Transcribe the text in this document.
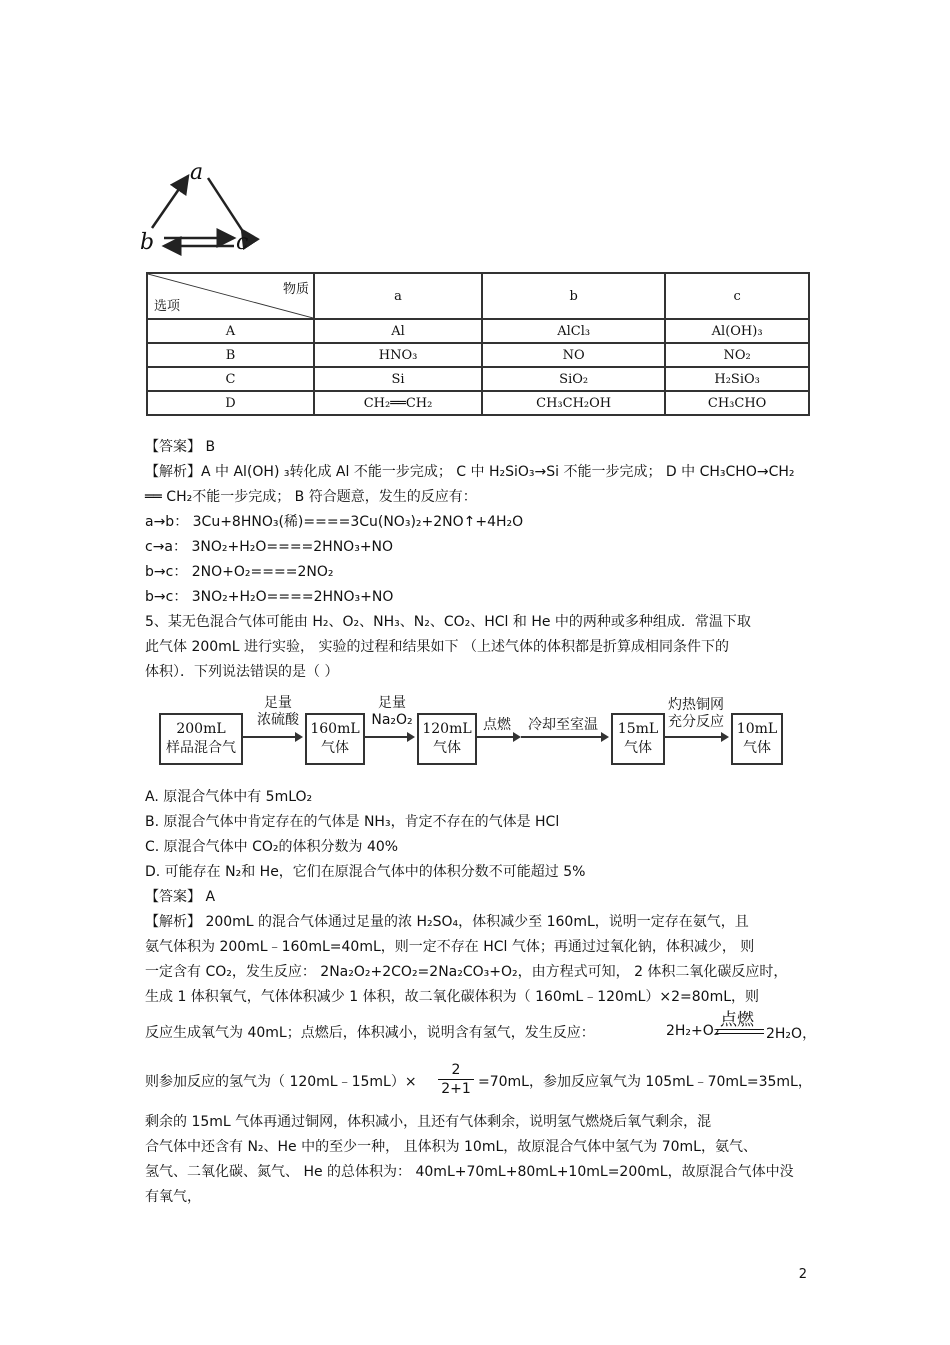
a
b	c
物质
选项	a	b	c
A	Al	AlCl₃	Al(OH)₃
B	HNO₃	NO	NO₂
C	Si	SiO₂	H₂SiO₃
D	CH₂══CH₂	CH₃CH₂OH	CH₃CHO
【答案】 B
【解析】A 中 Al(OH) ₃转化成 Al 不能一步完成； C 中 H₂SiO₃→Si 不能一步完成； D 中 CH₃CHO→CH₂
══ CH₂不能一步完成； B 符合题意，发生的反应有：
a→b： 3Cu+8HNO₃(稀)====3Cu(NO₃)₂+2NO↑+4H₂O
c→a： 3NO₂+H₂O====2HNO₃+NO
b→c： 2NO+O₂====2NO₂
b→c： 3NO₂+H₂O====2HNO₃+NO
5、某无色混合气体可能由 H₂、O₂、NH₃、N₂、CO₂、HCl 和 He 中的两种或多种组成．常温下取
此气体 200mL 进行实验， 实验的过程和结果如下 （上述气体的体积都是折算成相同条件下的
体积）．下列说法错误的是（ ）
200mL
样品混合气
足量
浓硫酸
160mL
气体
足量
Na₂O₂
120mL
气体
点燃	冷却至室温	15mL
气体
灼热铜网
充分反应 10mL
气体
A. 原混合气体中有 5mLO₂
B. 原混合气体中肯定存在的气体是 NH₃，肯定不存在的气体是 HCl
C. 原混合气体中 CO₂的体积分数为 40%
D. 可能存在 N₂和 He，它们在原混合气体中的体积分数不可能超过 5%
【答案】 A
【解析】 200mL 的混合气体通过足量的浓 H₂SO₄，体积减少至 160mL，说明一定存在氨气，且
氨气体积为 200mL﹣160mL=40mL，则一定不存在 HCl 气体；再通过过氧化钠，体积减少， 则
一定含有 CO₂，发生反应： 2Na₂O₂+2CO₂=2Na₂CO₃+O₂，由方程式可知， 2 体积二氧化碳反应时，
生成 1 体积氧气，气体体积减少 1 体积，故二氧化碳体积为（ 160mL﹣120mL）×2=80mL，则
反应生成氧气为 40mL；点燃后，体积减小，说明含有氢气，发生反应：	2H₂+O₂
点燃
2H₂O，
则参加反应的氢气为（ 120mL﹣15mL）× $\frac{2}{2+1} =70mL$，参加反应氧气为 105mL﹣70mL=35mL，
剩余的 15mL 气体再通过铜网，体积减小，且还有气体剩余，说明氢气燃烧后氧气剩余，混
合气体中还含有 N₂、He 中的至少一种， 且体积为 10mL，故原混合气体中氢气为 70mL，氨气、
氢气、二氧化碳、氮气、 He 的总体积为： 40mL+70mL+80mL+10mL=200mL，故原混合气体中没
有氧气，
2
